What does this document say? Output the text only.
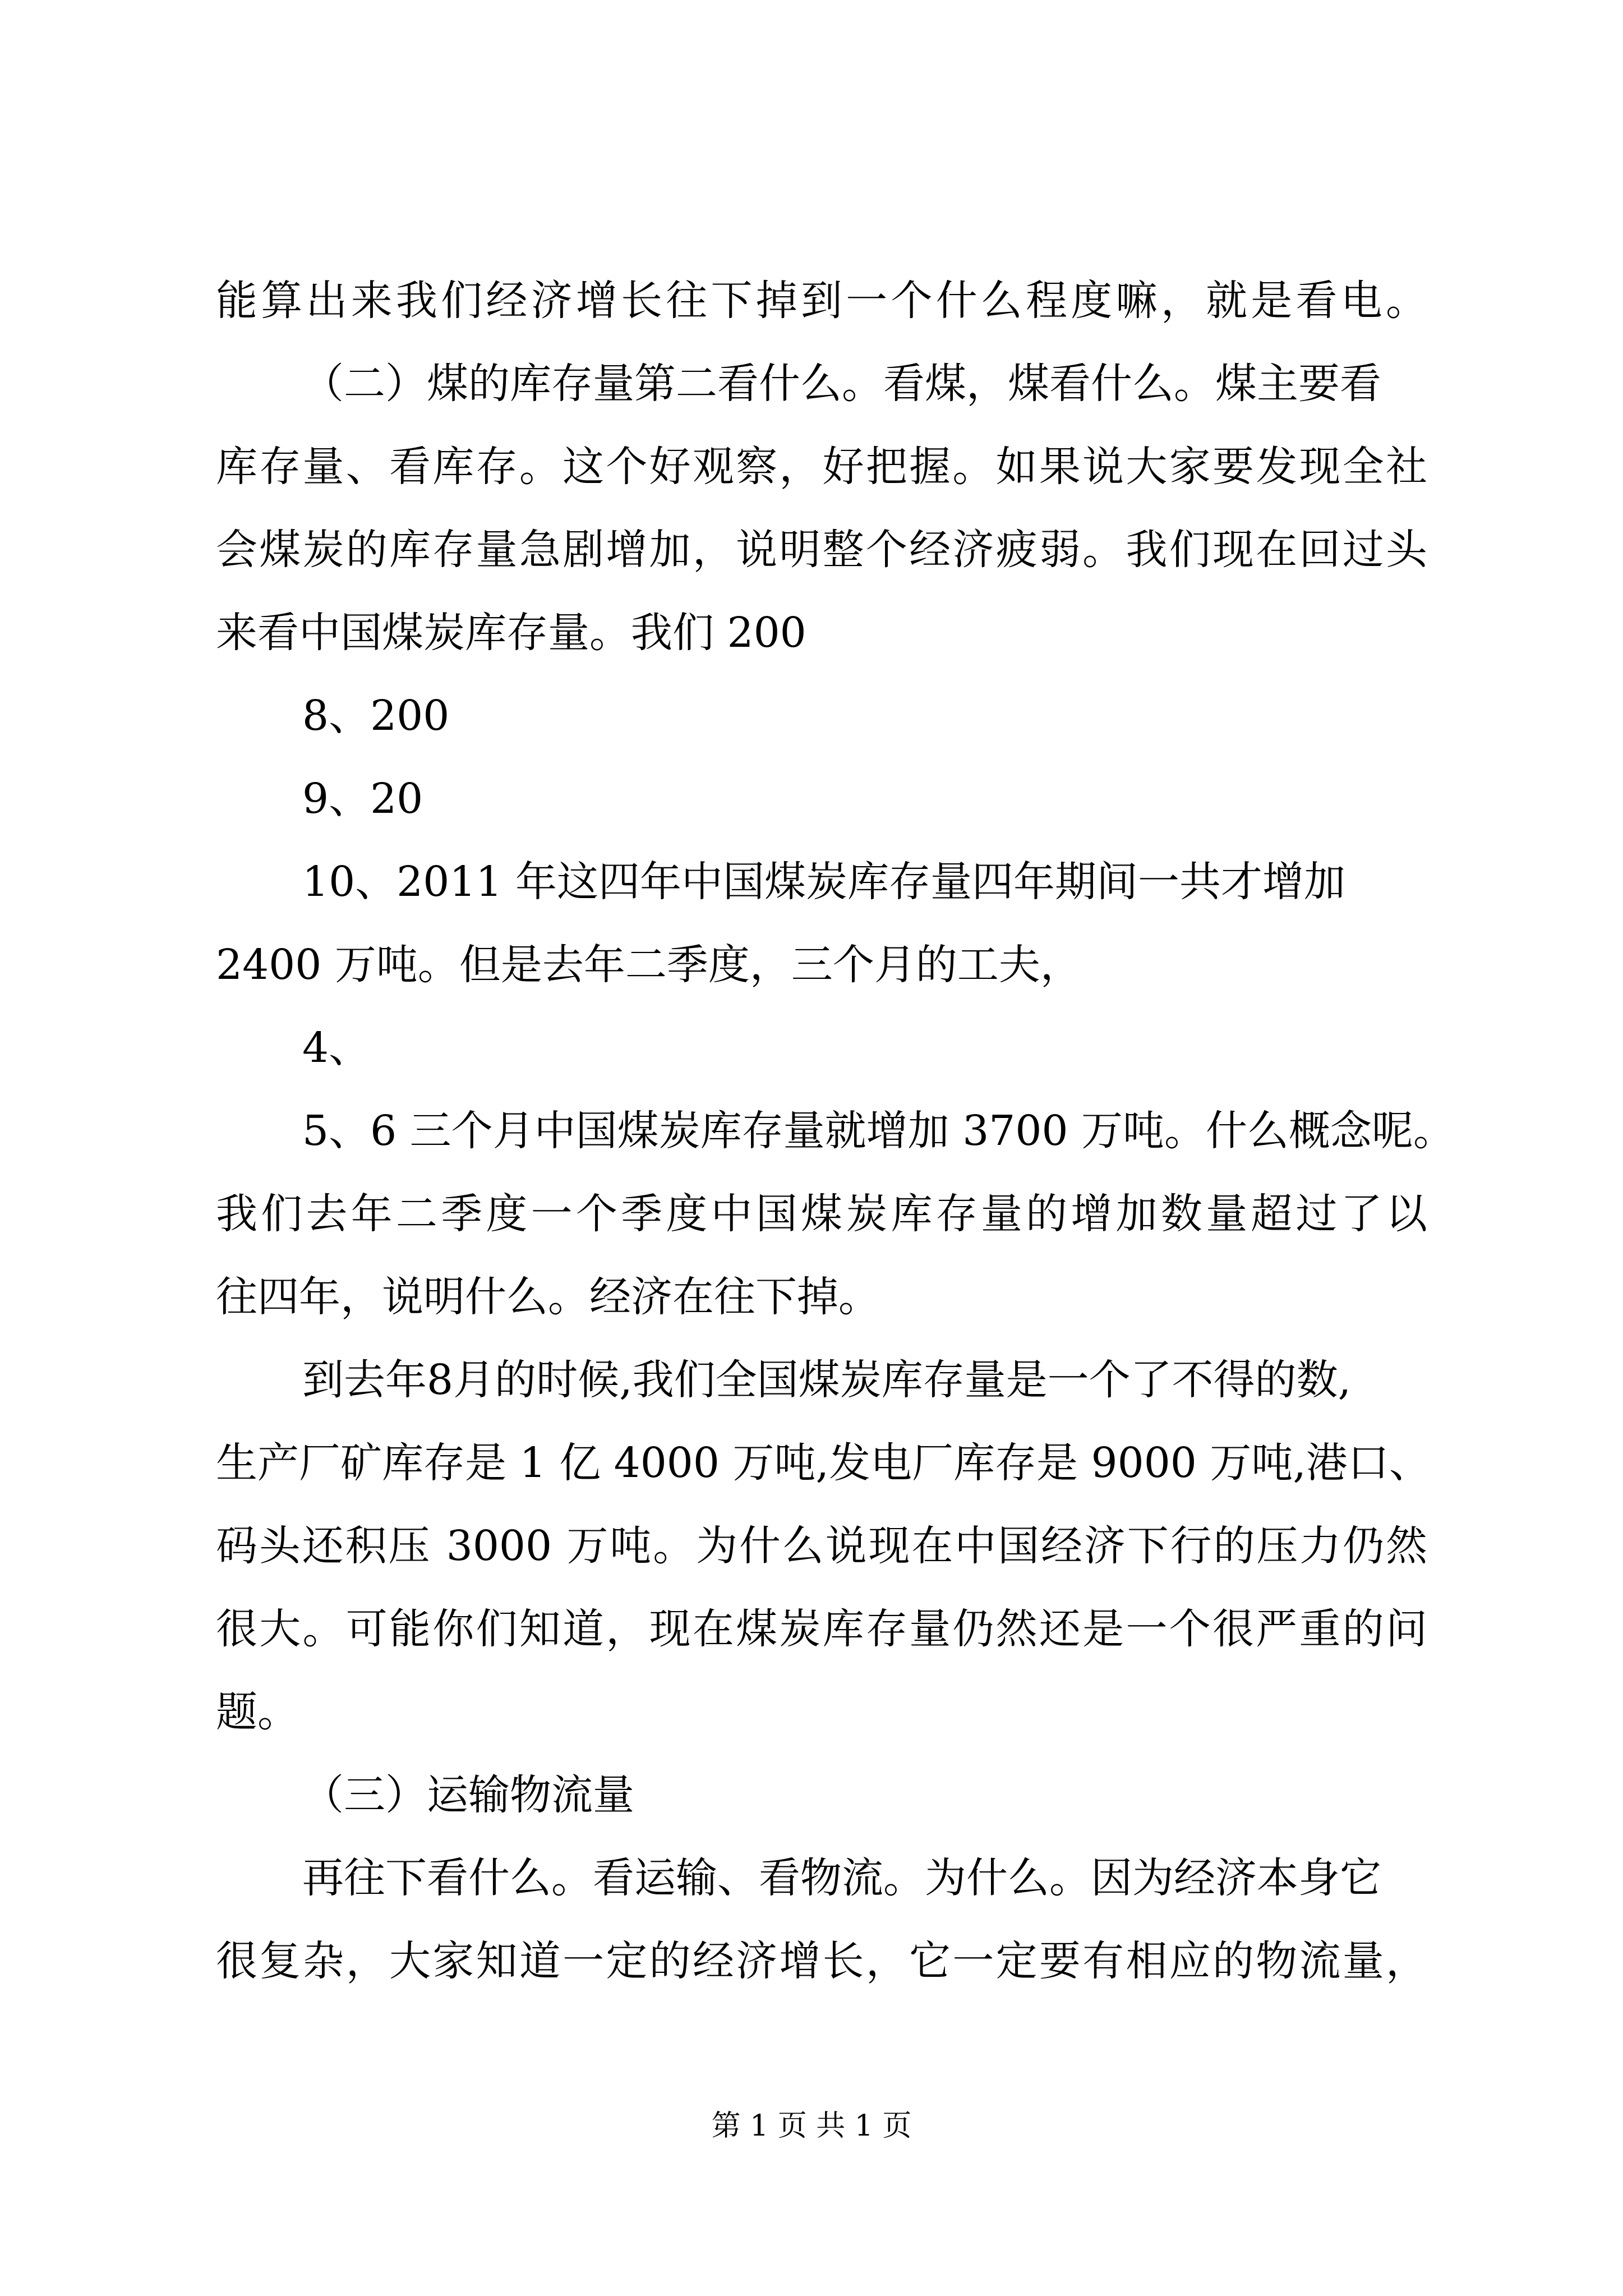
能算出来我们经济增长往下掉到一个什么程度嘛，就是看电。
（二）煤的库存量第二看什么。看煤，煤看什么。煤主要看
库存量、看库存。这个好观察，好把握。如果说大家要发现全社
会煤炭的库存量急剧增加，说明整个经济疲弱。我们现在回过头
来看中国煤炭库存量。我们 200
8、200
9、20
10、2011 年这四年中国煤炭库存量四年期间一共才增加
2400 万吨。但是去年二季度，三个月的工夫，
4、
5、6 三个月中国煤炭库存量就增加 3700 万吨。什么概念呢。
我们去年二季度一个季度中国煤炭库存量的增加数量超过了以
往四年，说明什么。经济在往下掉。
到去年8月的时候,我们全国煤炭库存量是一个了不得的数,
生产厂矿库存是 1 亿 4000 万吨,发电厂库存是 9000 万吨,港口、
码头还积压 3000 万吨。为什么说现在中国经济下行的压力仍然
很大。可能你们知道，现在煤炭库存量仍然还是一个很严重的问
题。
（三）运输物流量
再往下看什么。看运输、看物流。为什么。因为经济本身它
很复杂，大家知道一定的经济增长，它一定要有相应的物流量，
第 1 页 共 1 页
